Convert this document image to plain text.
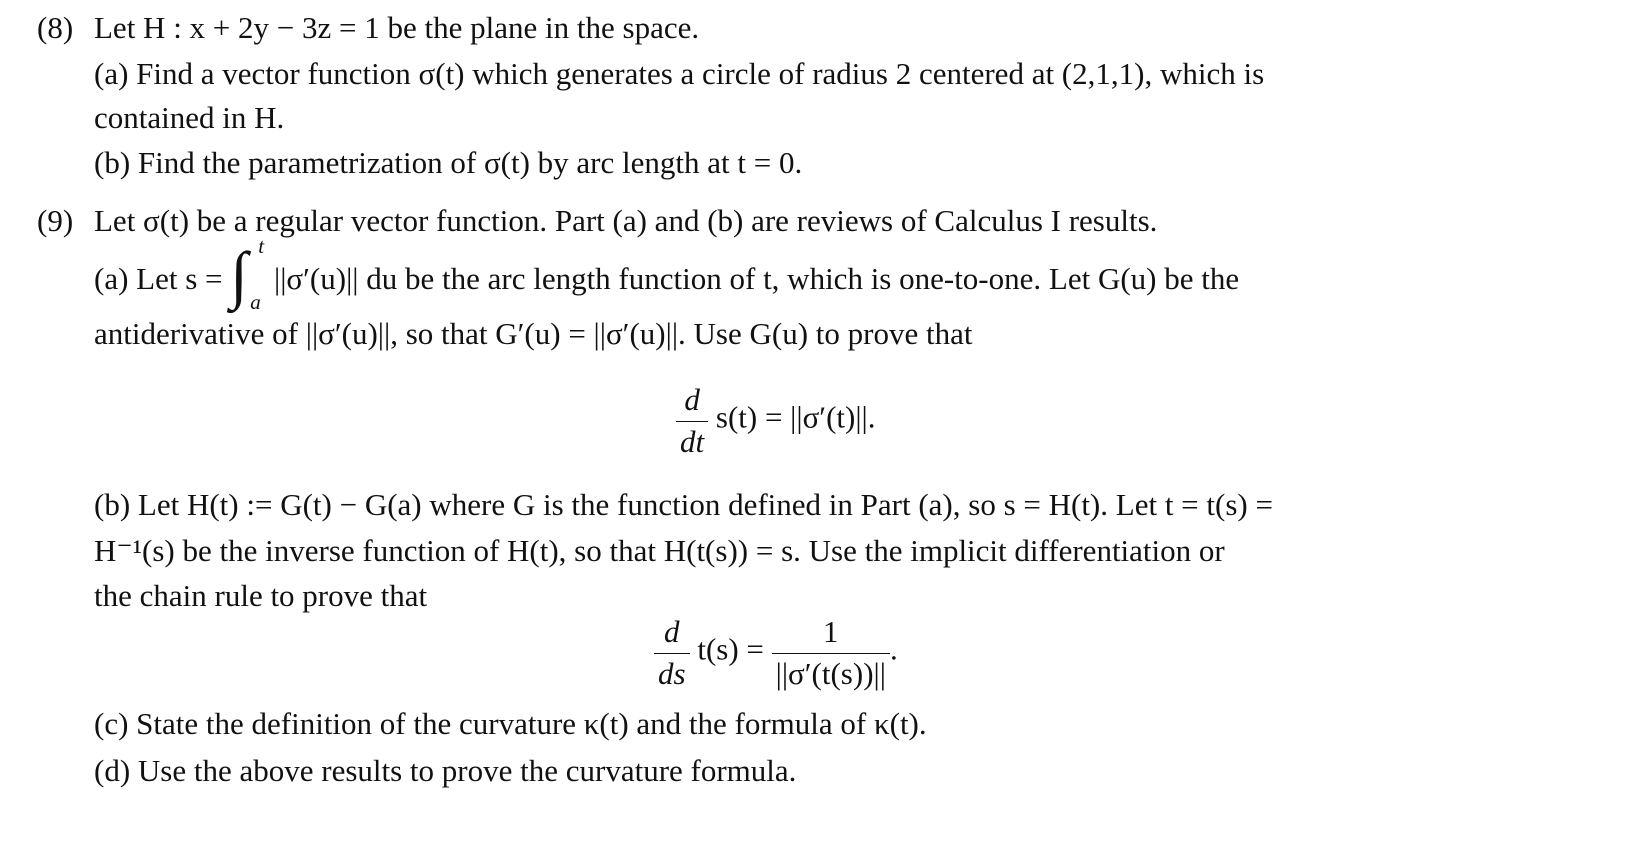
(8) Let H : x + 2y − 3z = 1 be the plane in the space.
(a) Find a vector function σ(t) which generates a circle of radius 2 centered at (2,1,1), which is
contained in H.
(b) Find the parametrization of σ(t) by arc length at t = 0.
(9) Let σ(t) be a regular vector function. Part (a) and (b) are reviews of Calculus I results.
(a) Let s = ∫ t
a
||σ′(u)|| du be the arc length function of t, which is one-to-one. Let G(u) be the
antiderivative of ||σ′(u)||, so that G′(u) = ||σ′(u)||. Use G(u) to prove that
$\frac{d}{dt} s(t) = ||\sigma'(t)||$.
(b) Let H(t) := G(t) − G(a) where G is the function defined in Part (a), so s = H(t). Let t = t(s) =
H⁻¹(s) be the inverse function of H(t), so that H(t(s)) = s. Use the implicit differentiation or
the chain rule to prove that
$\frac{d}{ds} t(s) = \frac{1}{||\sigma'(t(s))||}$ .
(c) State the definition of the curvature κ(t) and the formula of κ(t).
(d) Use the above results to prove the curvature formula.
